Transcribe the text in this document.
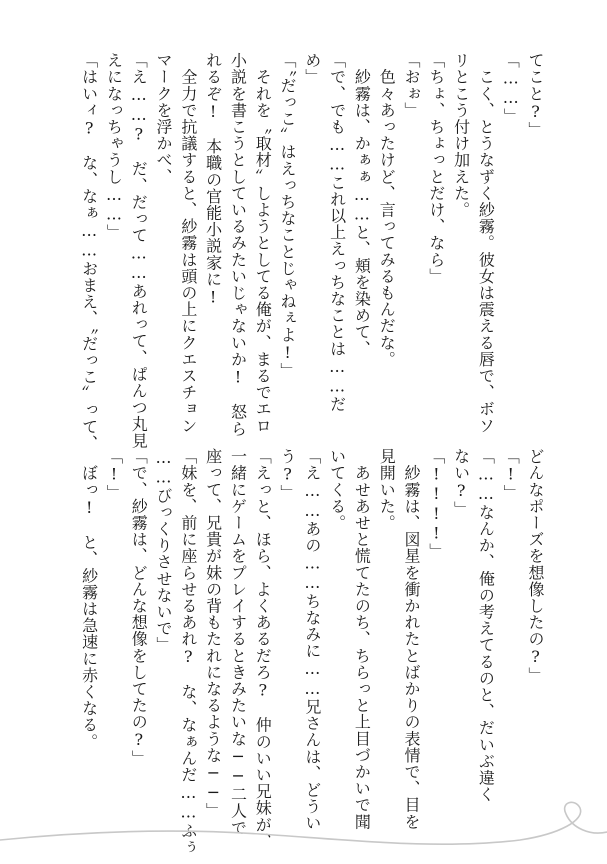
てこと?」
「……」
　こく、とうなずく紗霧。彼女は震える唇で、ボソ
リとこう付け加えた。
「ちょ、ちょっとだけ、なら」
「おぉ」
　色々あったけど、言ってみるもんだな。
　紗霧は、かぁぁ……と、頬を染めて、
「で、でも……これ以上えっちなことは……だ
め」
「〝だっこ〟はえっちなことじゃねぇよ!」
　それを〝取材〟しようとしてる俺が、まるでエロ
小説を書こうとしているみたいじゃないか!　怒ら
れるぞ!　本職の官能小説家に!
　全力で抗議すると、紗霧は頭の上にクエスチョン
マークを浮かべ、
「え……?　だ、だって……あれって、ぱんつ丸見
えになっちゃうし……」
「はいィ?　な、なぁ……おまえ、〝だっこ〟って、
どんなポーズを想像したの?」
「!」
「……なんか、俺の考えてるのと、だいぶ違く
ない?」
「!!!!」
　紗霧は、図星を衝かれたとばかりの表情で、目を
見開いた。
　あせあせと慌てたのち、ちらっと上目づかいで聞
いてくる。
「え……あの……ちなみに……兄さんは、どうい
う?」
「えっと、ほら、よくあるだろ?　仲のいい兄妹が、
一緒にゲームをプレイするときみたいな──二人で
座って、兄貴が妹の背もたれになるような──」
「妹を、前に座らせるあれ?　な、なぁんだ……ふぅ
……びっくりさせないで」
「で、紗霧は、どんな想像をしてたの?」
「!」
　ぼっ!　と、紗霧は急速に赤くなる。
